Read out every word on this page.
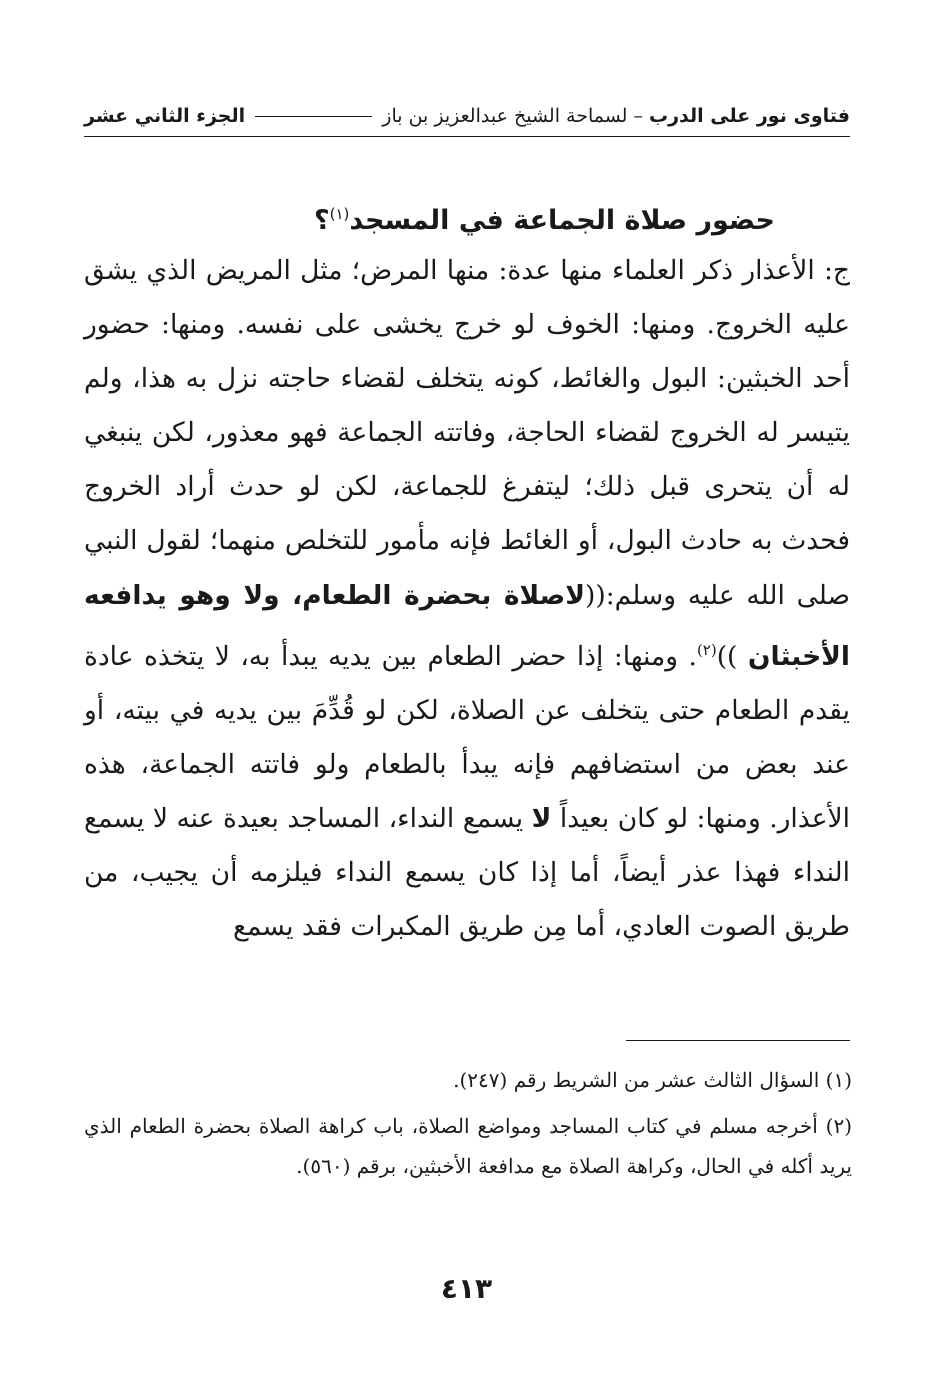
فتاوى نور على الدرب
– لسماحة الشيخ عبدالعزيز بن باز
الجزء الثاني عشر
حضور صلاة الجماعة في المسجد$^{(١)}$؟
ج: الأعذار ذكر العلماء منها عدة: منها المرض؛ مثل المريض الذي يشق عليه الخروج. ومنها: الخوف لو خرج يخشى على نفسه. ومنها: حضور أحد الخبثين: البول والغائط، كونه يتخلف لقضاء حاجته نزل به هذا، ولم يتيسر له الخروج لقضاء الحاجة، وفاتته الجماعة فهو معذور، لكن ينبغي له أن يتحرى قبل ذلك؛ ليتفرغ للجماعة، لكن لو حدث أراد الخروج فحدث به حادث البول، أو الغائط فإنه مأمور للتخلص منهما؛ لقول النبي صلى الله عليه وسلم:((لاصلاة بحضرة الطعام، ولا وهو يدافعه الأخبثان ))$^{(٢)}$. ومنها: إذا حضر الطعام بين يديه يبدأ به، لا يتخذه عادة يقدم الطعام حتى يتخلف عن الصلاة، لكن لو قُدِّمَ بين يديه في بيته، أو عند بعض من استضافهم فإنه يبدأ بالطعام ولو فاتته الجماعة، هذه الأعذار. ومنها: لو كان بعيداً لا يسمع النداء، المساجد بعيدة عنه لا يسمع النداء فهذا عذر أيضاً، أما إذا كان يسمع النداء فيلزمه أن يجيب، من طريق الصوت العادي، أما مِن طريق المكبرات فقد يسمع
(١) السؤال الثالث عشر من الشريط رقم (٢٤٧).
(٢) أخرجه مسلم في كتاب المساجد ومواضع الصلاة، باب كراهة الصلاة بحضرة الطعام الذي يريد أكله في الحال، وكراهة الصلاة مع مدافعة الأخبثين، برقم (٥٦٠).
٤١٣
